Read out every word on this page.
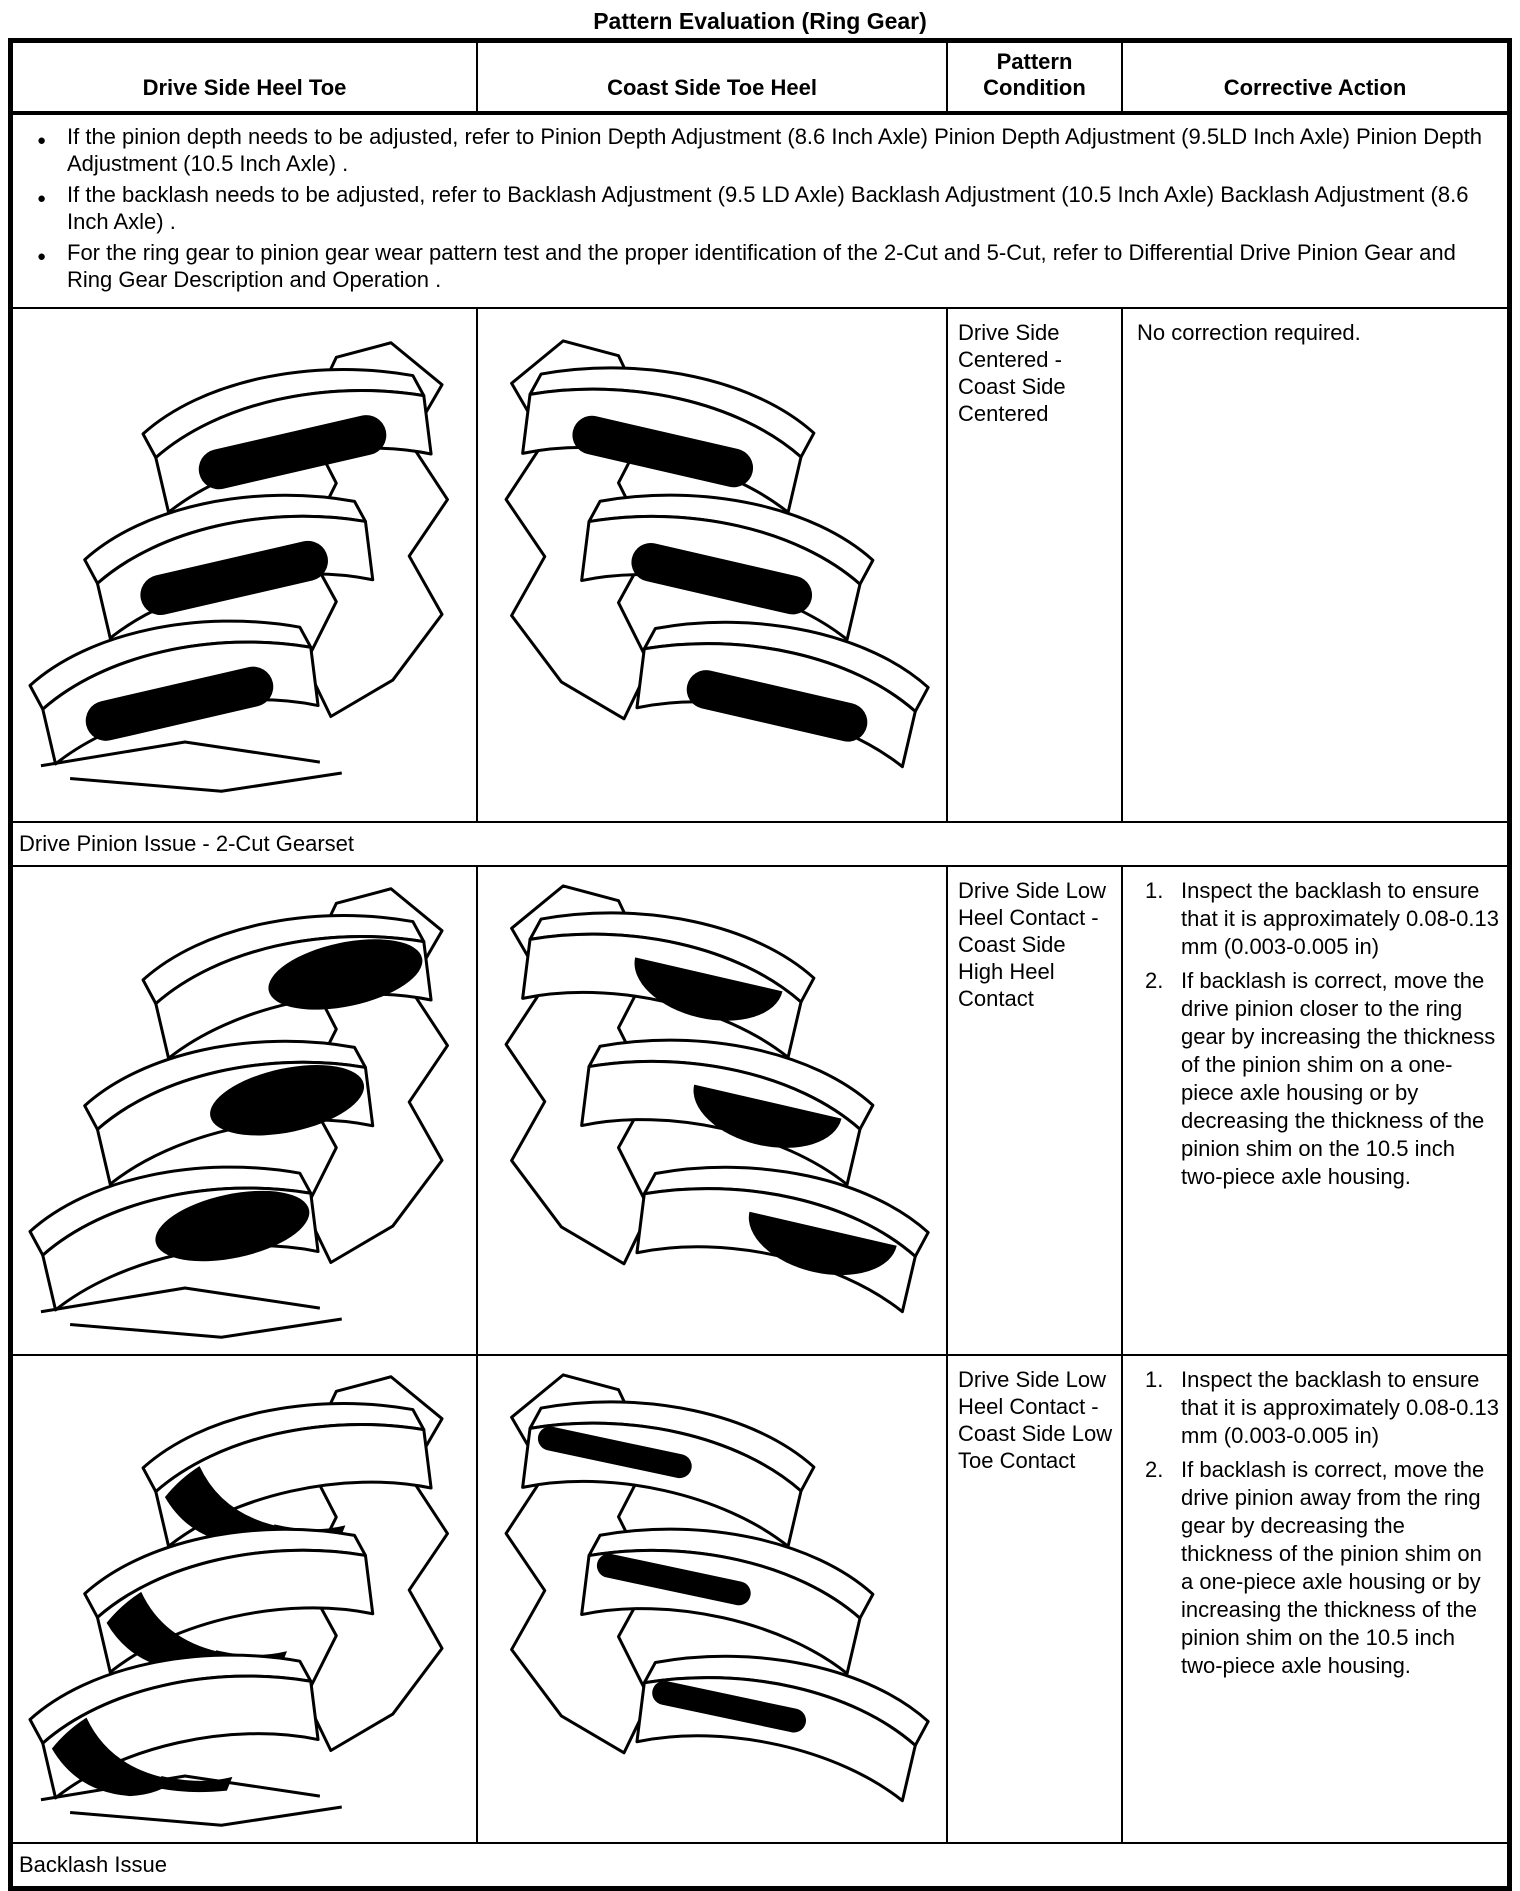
Pattern Evaluation (Ring Gear)
Drive Side Heel Toe	Coast Side Toe Heel
Pattern Condition	Corrective Action
● If the pinion depth needs to be adjusted, refer to Pinion Depth Adjustment (8.6 Inch Axle) Pinion Depth Adjustment (9.5LD Inch Axle) Pinion Depth Adjustment (10.5 Inch Axle) .
● If the backlash needs to be adjusted, refer to Backlash Adjustment (9.5 LD Axle) Backlash Adjustment (10.5 Inch Axle) Backlash Adjustment (8.6 Inch Axle) .
● For the ring gear to pinion gear wear pattern test and the proper identification of the 2-Cut and 5-Cut, refer to Differential Drive Pinion Gear and Ring Gear Description and Operation .
Drive Side Centered - Coast Side Centered
No correction required.
Drive Pinion Issue - 2-Cut Gearset
Drive Side Low Heel Contact - Coast Side High Heel Contact
Inspect the backlash to ensure that it is approximately 0.08-0.13 mm (0.003-0.005 in)
If backlash is correct, move the drive pinion closer to the ring gear by increasing the thickness of the pinion shim on a one-piece axle housing or by decreasing the thickness of the pinion shim on the 10.5 inch two-piece axle housing.
Drive Side Low Heel Contact - Coast Side Low Toe Contact
Inspect the backlash to ensure that it is approximately 0.08-0.13 mm (0.003-0.005 in)
If backlash is correct, move the drive pinion away from the ring gear by decreasing the thickness of the pinion shim on a one-piece axle housing or by increasing the thickness of the pinion shim on the 10.5 inch two-piece axle housing.
Backlash Issue
